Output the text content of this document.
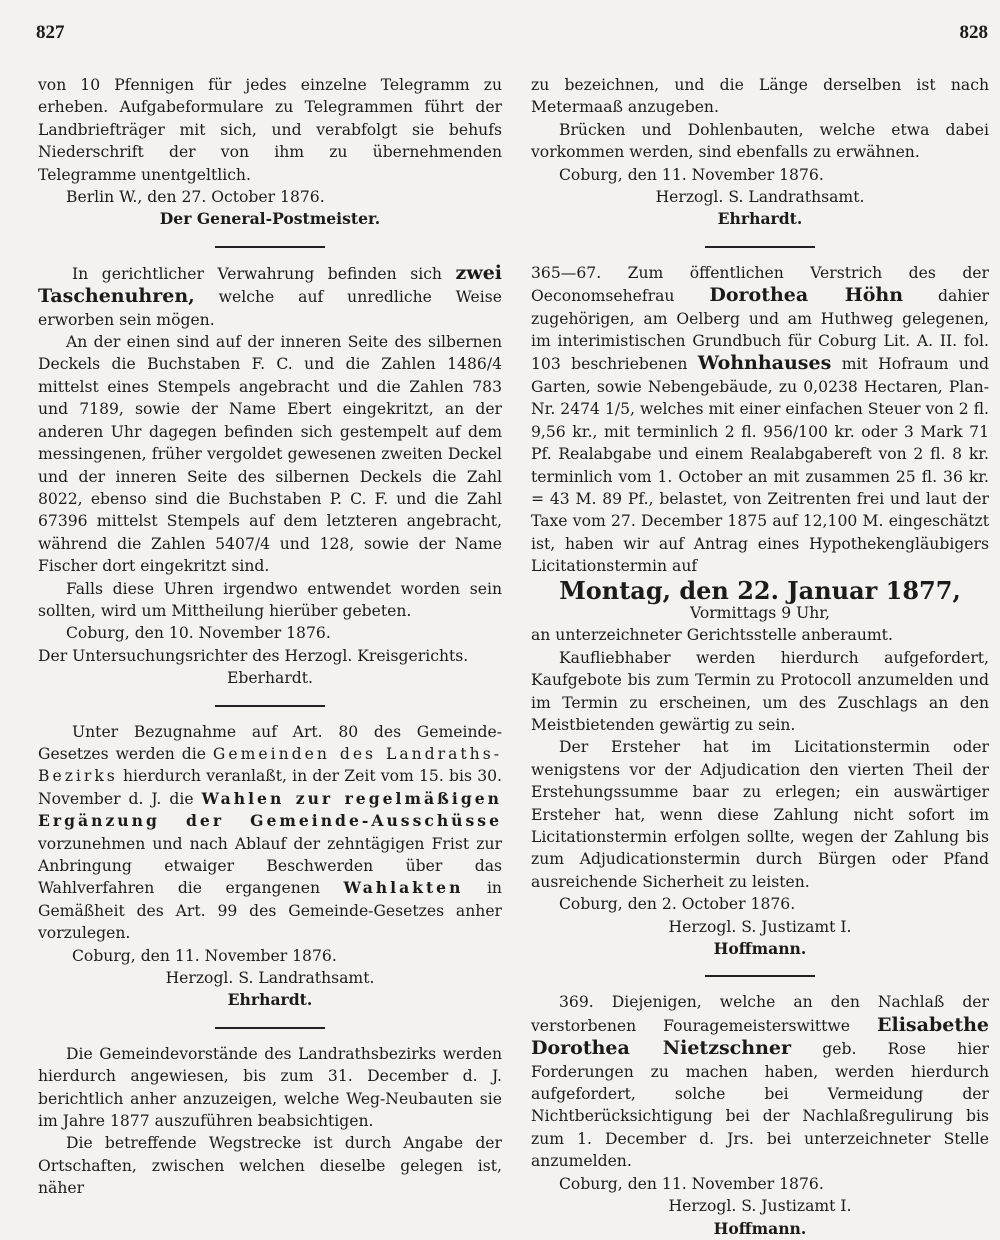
827	828

von 10 Pfennigen für jedes einzelne Telegramm zu erheben. Aufgabeformulare zu Telegrammen führt der Landbriefträger mit sich, und verabfolgt sie behufs Niederschrift der von ihm zu übernehmenden Telegramme unentgeltlich.

Berlin W., den 27. October 1876.

Der General-Postmeister.

In gerichtlicher Verwahrung befinden sich zwei Taschenuhren, welche auf unredliche Weise erworben sein mögen.

An der einen sind auf der inneren Seite des silbernen Deckels die Buchstaben F. C. und die Zahlen 1486/4 mittelst eines Stempels angebracht und die Zahlen 783 und 7189, sowie der Name Ebert eingekritzt, an der anderen Uhr dagegen befinden sich gestempelt auf dem messingenen, früher vergoldet gewesenen zweiten Deckel und der inneren Seite des silbernen Deckels die Zahl 8022, ebenso sind die Buchstaben P. C. F. und die Zahl 67396 mittelst Stempels auf dem letzteren angebracht, während die Zahlen 5407/4 und 128, sowie der Name Fischer dort eingekritzt sind.

Falls diese Uhren irgendwo entwendet worden sein sollten, wird um Mittheilung hierüber gebeten.

Coburg, den 10. November 1876.

Der Untersuchungsrichter des Herzogl. Kreisgerichts.

Eberhardt.

Unter Bezugnahme auf Art. 80 des Gemeinde-Gesetzes werden die Gemeinden des Landraths-Bezirks hierdurch veranlaßt, in der Zeit vom 15. bis 30. November d. J. die Wahlen zur regelmäßigen Ergänzung der Gemeinde-Ausschüsse vorzunehmen und nach Ablauf der zehntägigen Frist zur Anbringung etwaiger Beschwerden über das Wahlverfahren die ergangenen Wahlakten in Gemäßheit des Art. 99 des Gemeinde-Gesetzes anher vorzulegen.

Coburg, den 11. November 1876.

Herzogl. S. Landrathsamt.

Ehrhardt.

Die Gemeindevorstände des Landrathsbezirks werden hierdurch angewiesen, bis zum 31. December d. J. berichtlich anher anzuzeigen, welche Weg-Neubauten sie im Jahre 1877 auszuführen beabsichtigen.

Die betreffende Wegstrecke ist durch Angabe der Ortschaften, zwischen welchen dieselbe gelegen ist, näher

zu bezeichnen, und die Länge derselben ist nach Metermaaß anzugeben.

Brücken und Dohlenbauten, welche etwa dabei vorkommen werden, sind ebenfalls zu erwähnen.

Coburg, den 11. November 1876.

Herzogl. S. Landrathsamt.

Ehrhardt.

365—67. Zum öffentlichen Verstrich des der Oeconomsehefrau Dorothea Höhn dahier zugehörigen, am Oelberg und am Huthweg gelegenen, im interimistischen Grundbuch für Coburg Lit. A. II. fol. 103 beschriebenen Wohnhauses mit Hofraum und Garten, sowie Nebengebäude, zu 0,0238 Hectaren, Plan-Nr. 2474 1/5, welches mit einer einfachen Steuer von 2 fl. 9,56 kr., mit terminlich 2 fl. 956/100 kr. oder 3 Mark 71 Pf. Realabgabe und einem Realabgabereft von 2 fl. 8 kr. terminlich vom 1. October an mit zusammen 25 fl. 36 kr. = 43 M. 89 Pf., belastet, von Zeitrenten frei und laut der Taxe vom 27. December 1875 auf 12,100 M. eingeschätzt ist, haben wir auf Antrag eines Hypothekengläubigers Licitationstermin auf

Montag, den 22. Januar 1877,

Vormittags 9 Uhr,

an unterzeichneter Gerichtsstelle anberaumt.

Kaufliebhaber werden hierdurch aufgefordert, Kaufgebote bis zum Termin zu Protocoll anzumelden und im Termin zu erscheinen, um des Zuschlags an den Meistbietenden gewärtig zu sein.

Der Ersteher hat im Licitationstermin oder wenigstens vor der Adjudication den vierten Theil der Erstehungssumme baar zu erlegen; ein auswärtiger Ersteher hat, wenn diese Zahlung nicht sofort im Licitationstermin erfolgen sollte, wegen der Zahlung bis zum Adjudicationstermin durch Bürgen oder Pfand ausreichende Sicherheit zu leisten.

Coburg, den 2. October 1876.

Herzogl. S. Justizamt I.

Hoffmann.

369. Diejenigen, welche an den Nachlaß der verstorbenen Fouragemeisterswittwe Elisabethe Dorothea Nietzschner geb. Rose hier Forderungen zu machen haben, werden hierdurch aufgefordert, solche bei Vermeidung der Nichtberücksichtigung bei der Nachlaßregulirung bis zum 1. December d. Jrs. bei unterzeichneter Stelle anzumelden.

Coburg, den 11. November 1876.

Herzogl. S. Justizamt I.

Hoffmann.
